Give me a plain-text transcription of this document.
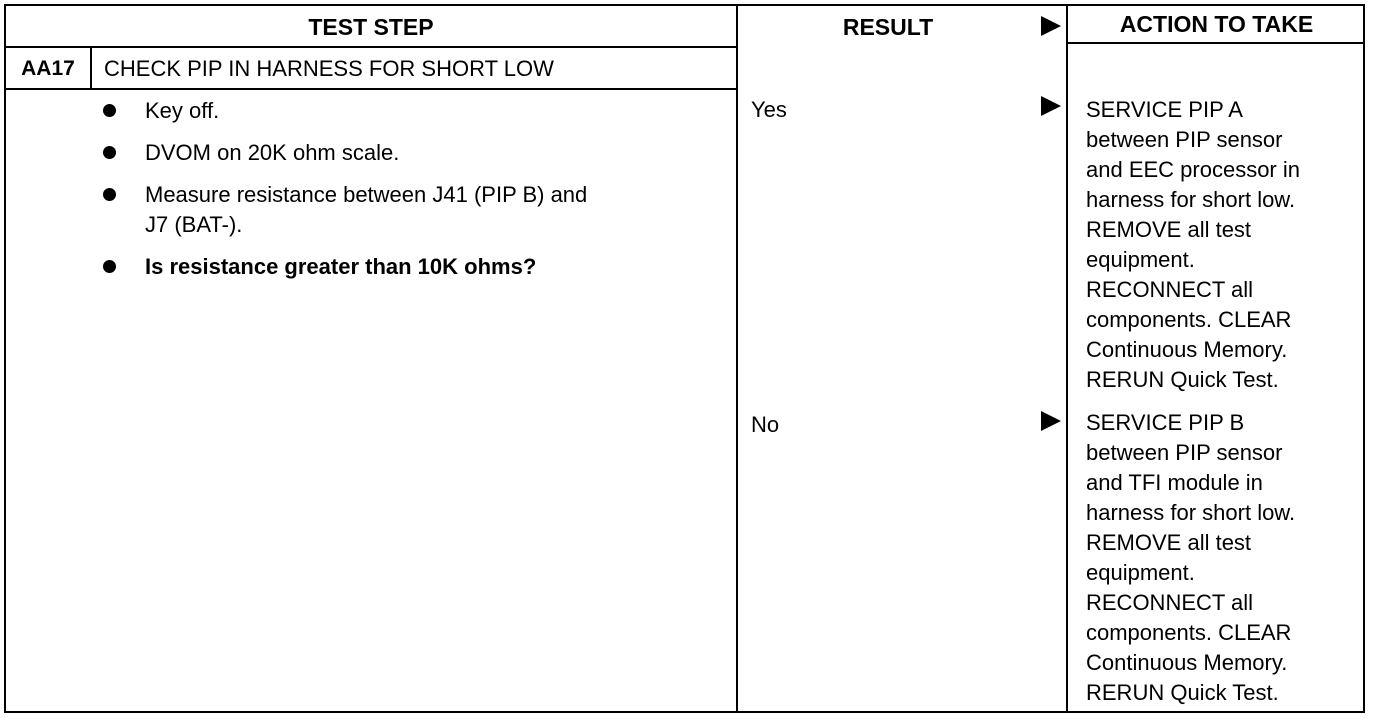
TEST STEP	RESULT	ACTION TO TAKE
AA17	CHECK PIP IN HARNESS FOR SHORT LOW
Key off.
DVOM on 20K ohm scale.
Measure resistance between J41 (PIP B) and
J7 (BAT-).
Is resistance greater than 10K ohms?
Yes	SERVICE PIP A
between PIP sensor
and EEC processor in
harness for short low.
REMOVE all test
equipment.
RECONNECT all
components. CLEAR
Continuous Memory.
RERUN Quick Test.
No	SERVICE PIP B
between PIP sensor
and TFI module in
harness for short low.
REMOVE all test
equipment.
RECONNECT all
components. CLEAR
Continuous Memory.
RERUN Quick Test.
